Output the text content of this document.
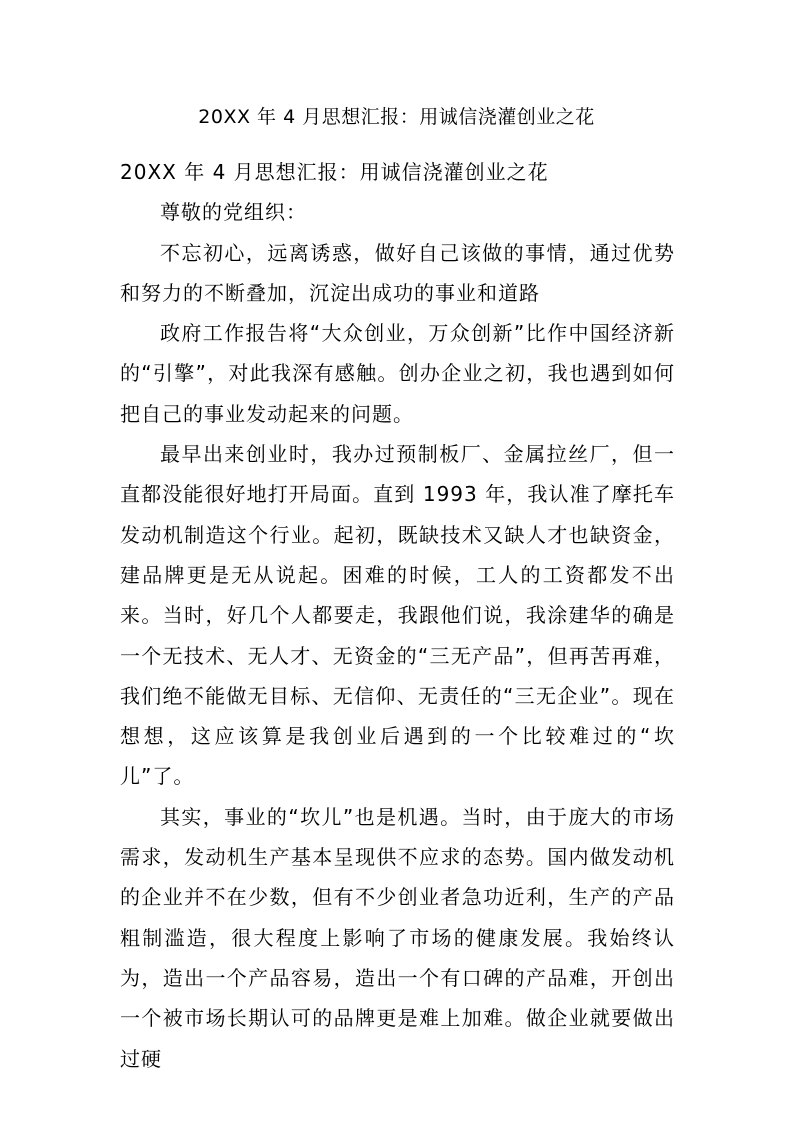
20XX 年 4 月思想汇报：用诚信浇灌创业之花

20XX 年 4 月思想汇报：用诚信浇灌创业之花

尊敬的党组织：

不忘初心，远离诱惑，做好自己该做的事情，通过优势和努力的不断叠加，沉淀出成功的事业和道路

政府工作报告将“大众创业，万众创新”比作中国经济新的“引擎”，对此我深有感触。创办企业之初，我也遇到如何把自己的事业发动起来的问题。

最早出来创业时，我办过预制板厂、金属拉丝厂，但一直都没能很好地打开局面。直到 1993 年，我认准了摩托车发动机制造这个行业。起初，既缺技术又缺人才也缺资金，建品牌更是无从说起。困难的时候，工人的工资都发不出来。当时，好几个人都要走，我跟他们说，我涂建华的确是一个无技术、无人才、无资金的“三无产品”，但再苦再难，我们绝不能做无目标、无信仰、无责任的“三无企业”。现在想想，这应该算是我创业后遇到的一个比较难过的“坎儿”了。

其实，事业的“坎儿”也是机遇。当时，由于庞大的市场需求，发动机生产基本呈现供不应求的态势。国内做发动机的企业并不在少数，但有不少创业者急功近利，生产的产品粗制滥造，很大程度上影响了市场的健康发展。我始终认为，造出一个产品容易，造出一个有口碑的产品难，开创出一个被市场长期认可的品牌更是难上加难。做企业就要做出过硬
